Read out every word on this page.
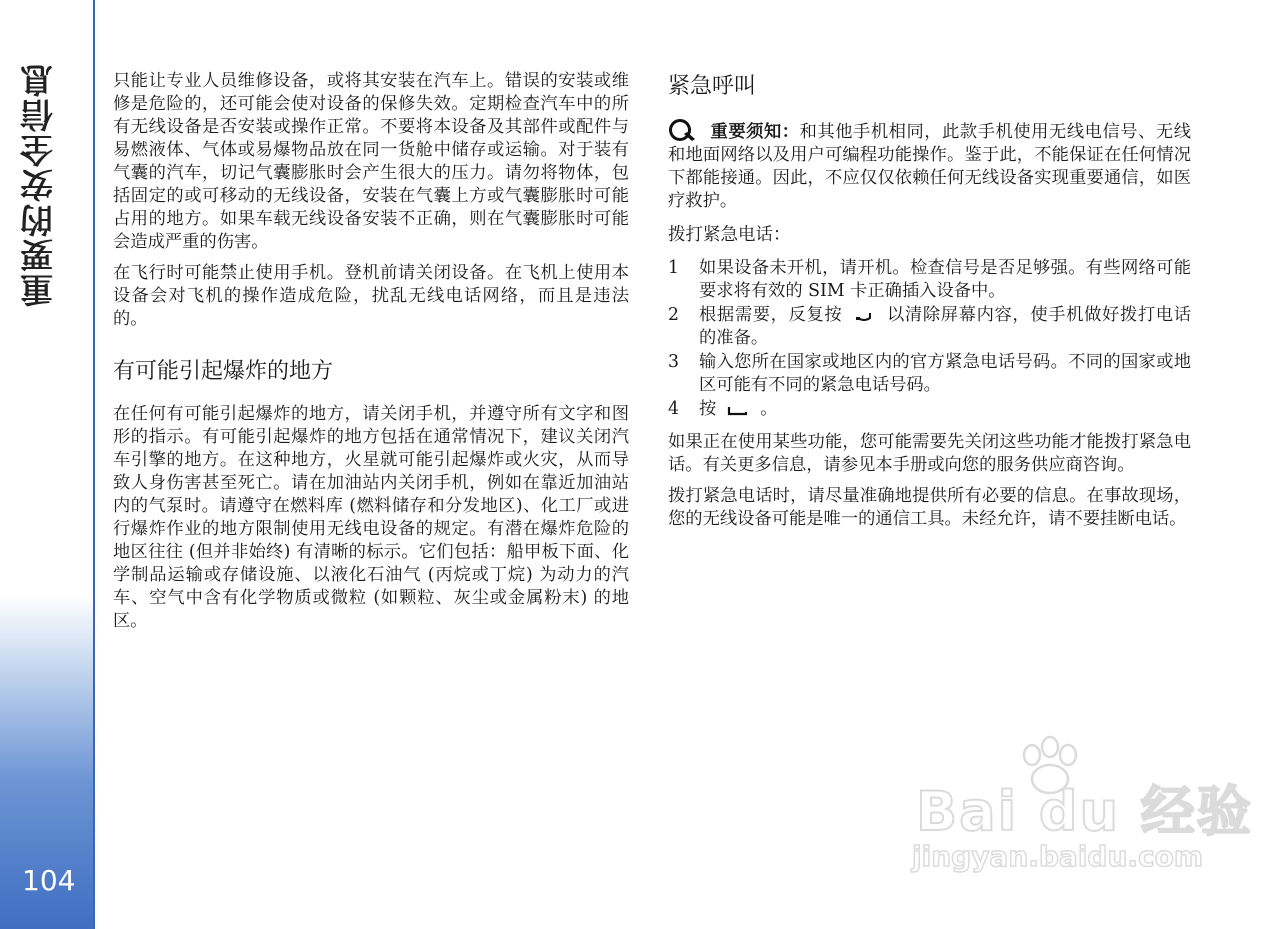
重要的安全信息
104

只能让专业人员维修设备，或将其安装在汽车上。错误的安装或维修是危险的，还可能会使对设备的保修失效。定期检查汽车中的所有无线设备是否安装或操作正常。不要将本设备及其部件或配件与易燃液体、气体或易爆物品放在同一货舱中储存或运输。对于装有气囊的汽车，切记气囊膨胀时会产生很大的压力。请勿将物体，包括固定的或可移动的无线设备，安装在气囊上方或气囊膨胀时可能占用的地方。如果车载无线设备安装不正确，则在气囊膨胀时可能会造成严重的伤害。

在飞行时可能禁止使用手机。登机前请关闭设备。在飞机上使用本设备会对飞机的操作造成危险，扰乱无线电话网络，而且是违法的。

有可能引起爆炸的地方

在任何有可能引起爆炸的地方，请关闭手机，并遵守所有文字和图形的指示。有可能引起爆炸的地方包括在通常情况下，建议关闭汽车引擎的地方。在这种地方，火星就可能引起爆炸或火灾，从而导致人身伤害甚至死亡。请在加油站内关闭手机，例如在靠近加油站内的气泵时。请遵守在燃料库 (燃料储存和分发地区)、化工厂或进行爆炸作业的地方限制使用无线电设备的规定。有潜在爆炸危险的地区往往 (但并非始终) 有清晰的标示。它们包括：船甲板下面、化学制品运输或存储设施、以液化石油气 (丙烷或丁烷) 为动力的汽车、空气中含有化学物质或微粒 (如颗粒、灰尘或金属粉末) 的地区。

紧急呼叫

重要须知：和其他手机相同，此款手机使用无线电信号、无线和地面网络以及用户可编程功能操作。鉴于此，不能保证在任何情况下都能接通。因此，不应仅仅依赖任何无线设备实现重要通信，如医疗救护。

拨打紧急电话：
1	如果设备未开机，请开机。检查信号是否足够强。有些网络可能要求将有效的 SIM 卡正确插入设备中。
2	根据需要，反复按	以清除屏幕内容，使手机做好拨打电话的准备。
3	输入您所在国家或地区内的官方紧急电话号码。不同的国家或地区可能有不同的紧急电话号码。
4	按	。

如果正在使用某些功能，您可能需要先关闭这些功能才能拨打紧急电话。有关更多信息，请参见本手册或向您的服务供应商咨询。

拨打紧急电话时，请尽量准确地提供所有必要的信息。在事故现场，您的无线设备可能是唯一的通信工具。未经允许，请不要挂断电话。

Bai du 经验
jingyan.baidu.com
